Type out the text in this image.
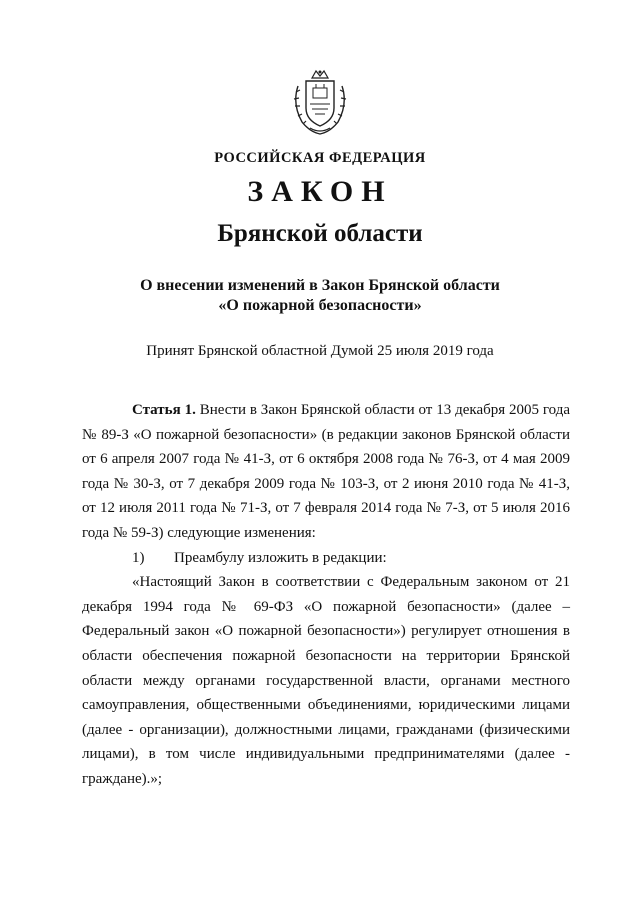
РОССИЙСКАЯ ФЕДЕРАЦИЯ
ЗАКОН
Брянской области
О внесении изменений в Закон Брянской области
«О пожарной безопасности»
Принят Брянской областной Думой 25 июля 2019 года

Статья 1. Внести в Закон Брянской области от 13 декабря 2005 года № 89-З «О пожарной безопасности» (в редакции законов Брянской области от 6 апреля 2007 года № 41-З, от 6 октября 2008 года № 76-З, от 4 мая 2009 года № 30-З, от 7 декабря 2009 года № 103-З, от 2 июня 2010 года № 41-З, от 12 июля 2011 года № 71-З, от 7 февраля 2014 года № 7-З, от 5 июля 2016 года № 59-З) следующие изменения:

1) Преамбулу изложить в редакции:

«Настоящий Закон в соответствии с Федеральным законом от 21 декабря 1994 года № 69-ФЗ «О пожарной безопасности» (далее – Федеральный закон «О пожарной безопасности») регулирует отношения в области обеспечения пожарной безопасности на территории Брянской области между органами государственной власти, органами местного самоуправления, общественными объединениями, юридическими лицами (далее - организации), должностными лицами, гражданами (физическими лицами), в том числе индивидуальными предпринимателями (далее - граждане).»;
